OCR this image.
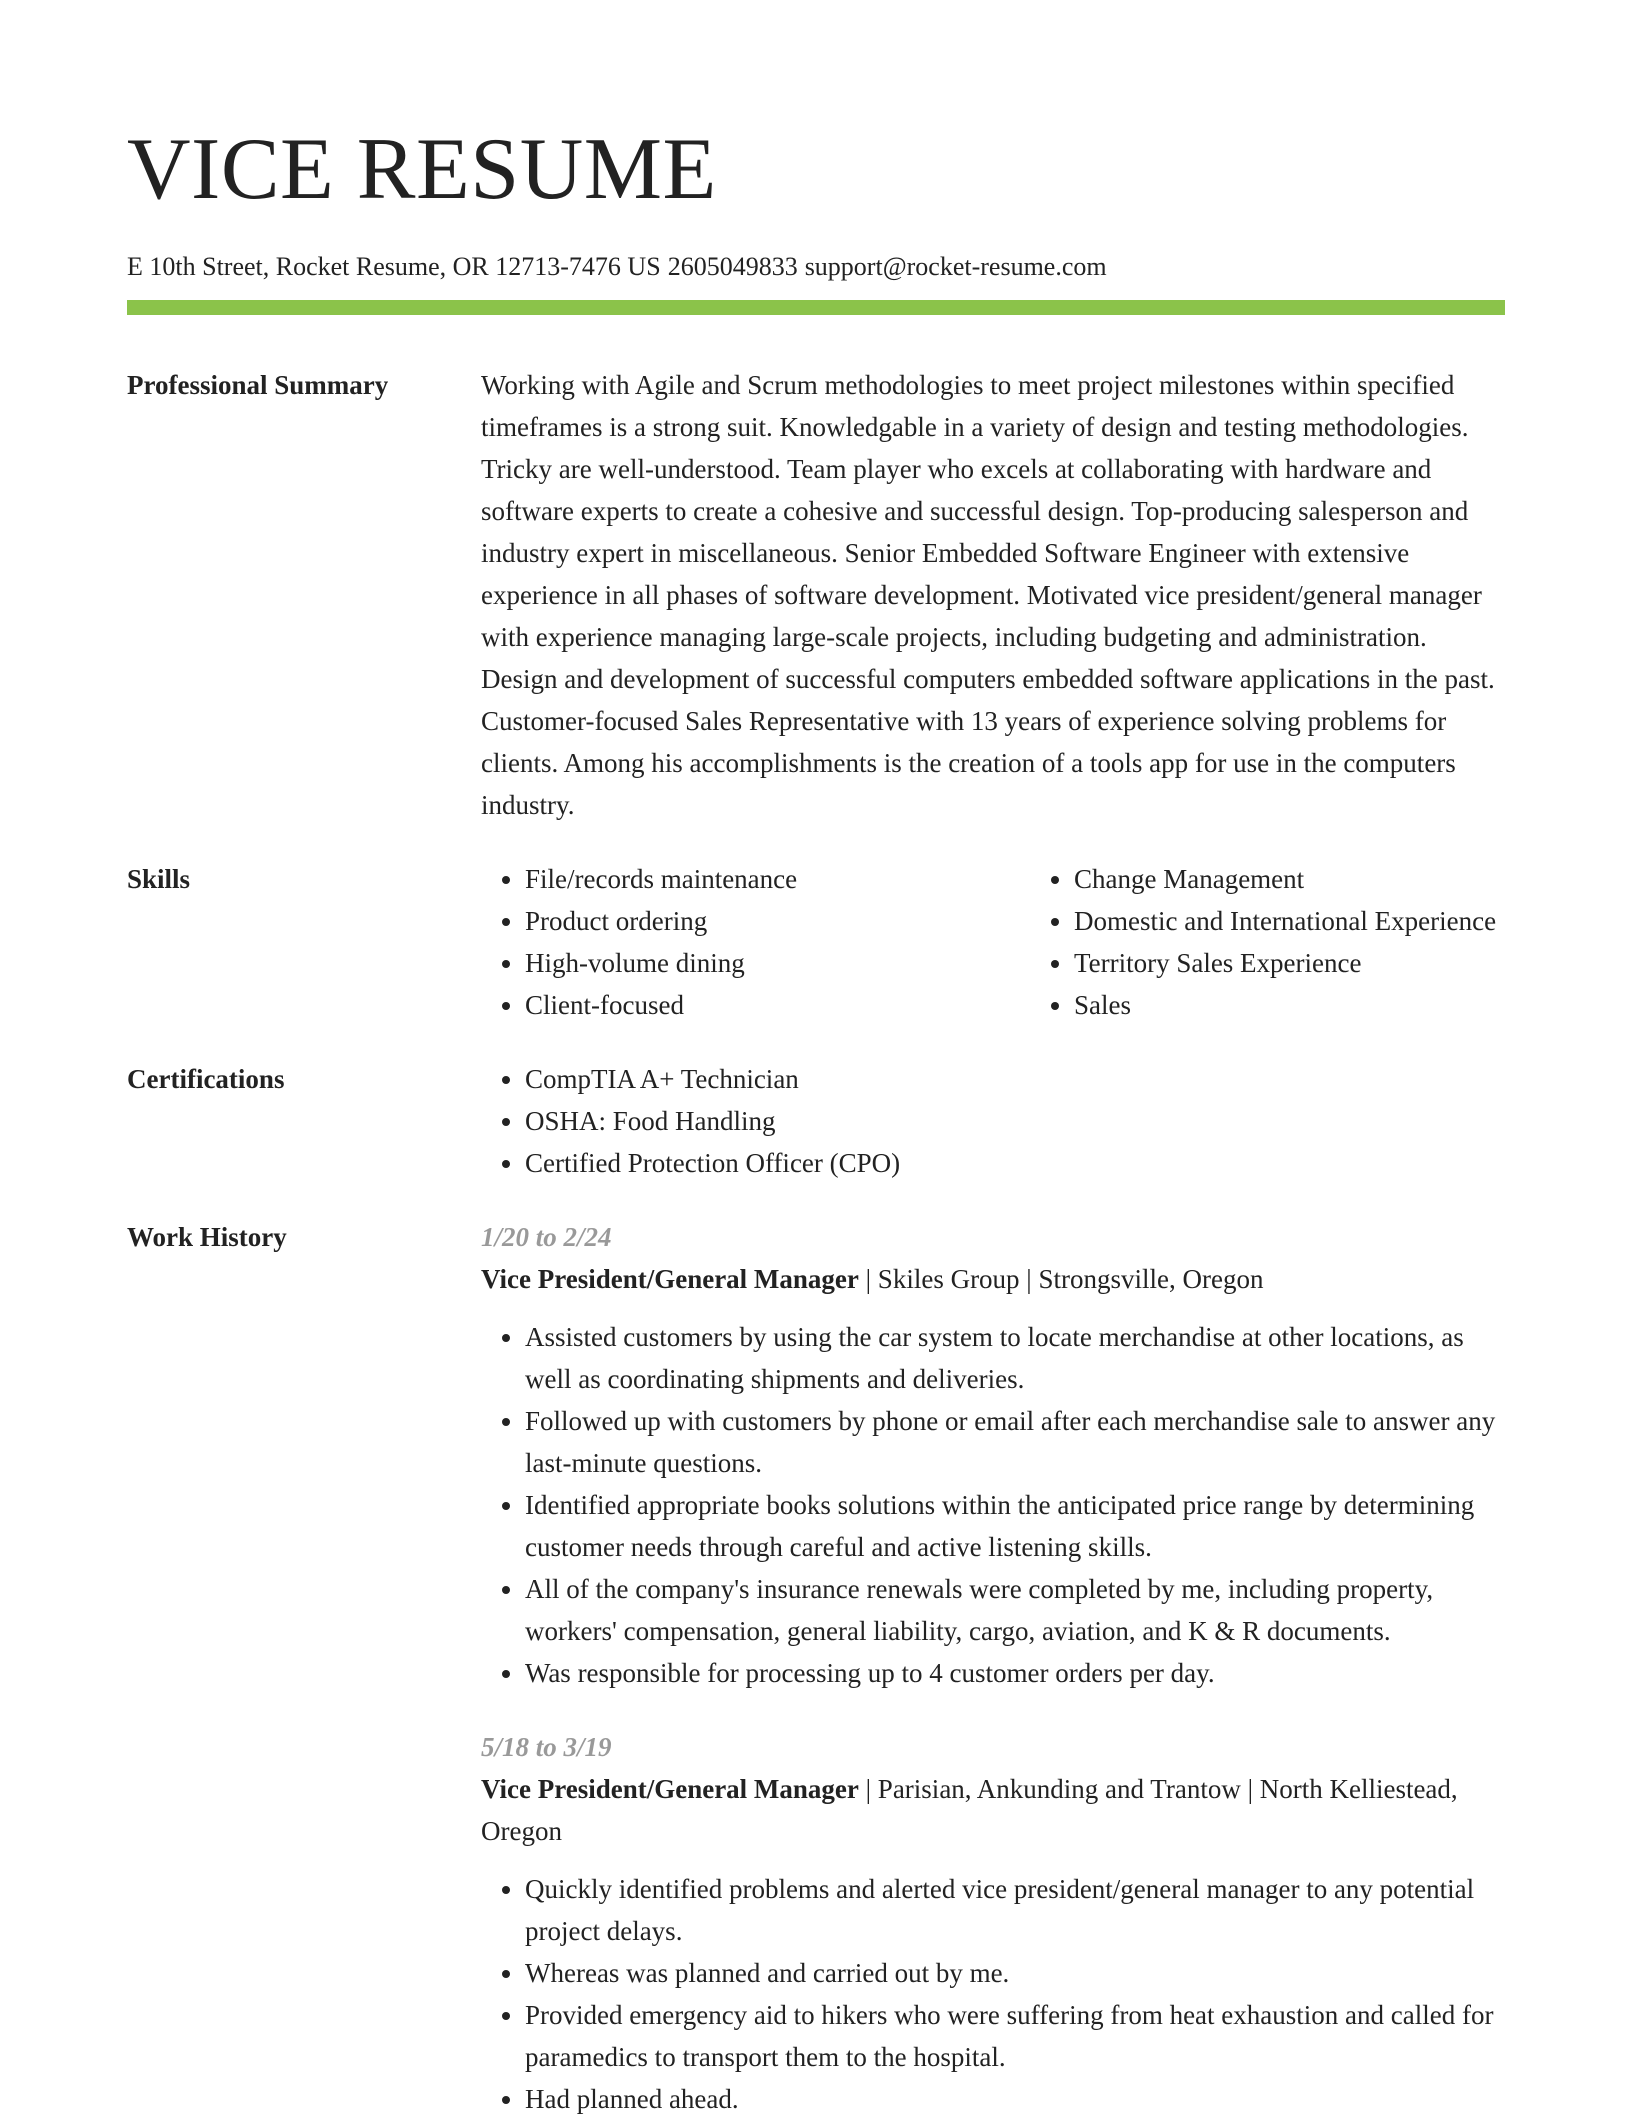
VICE RESUME
E 10th Street, Rocket Resume, OR 12713-7476 US 2605049833 support@rocket-resume.com
Professional Summary	Working with Agile and Scrum methodologies to meet project milestones within specified timeframes is a strong suit. Knowledgable in a variety of design and testing methodologies. Tricky are well-understood. Team player who excels at collaborating with hardware and software experts to create a cohesive and successful design. Top-producing salesperson and industry expert in miscellaneous. Senior Embedded Software Engineer with extensive experience in all phases of software development. Motivated vice president/general manager with experience managing large-scale projects, including budgeting and administration. Design and development of successful computers embedded software applications in the past. Customer-focused Sales Representative with 13 years of experience solving problems for clients. Among his accomplishments is the creation of a tools app for use in the computers industry.
Skills	• File/records maintenance
• Product ordering
• High-volume dining
• Client-focused
• Change Management
• Domestic and International Experience
• Territory Sales Experience
• Sales
Certifications	• CompTIA A+ Technician
• OSHA: Food Handling
• Certified Protection Officer (CPO)
Work History	1/20 to 2/24
Vice President/General Manager | Skiles Group | Strongsville, Oregon
• Assisted customers by using the car system to locate merchandise at other locations, as well as coordinating shipments and deliveries.
• Followed up with customers by phone or email after each merchandise sale to answer any last-minute questions.
• Identified appropriate books solutions within the anticipated price range by determining customer needs through careful and active listening skills.
• All of the company's insurance renewals were completed by me, including property, workers' compensation, general liability, cargo, aviation, and K & R documents.
• Was responsible for processing up to 4 customer orders per day.
5/18 to 3/19
Vice President/General Manager | Parisian, Ankunding and Trantow | North Kelliestead, Oregon
• Quickly identified problems and alerted vice president/general manager to any potential project delays.
• Whereas was planned and carried out by me.
• Provided emergency aid to hikers who were suffering from heat exhaustion and called for paramedics to transport them to the hospital.
• Had planned ahead.
